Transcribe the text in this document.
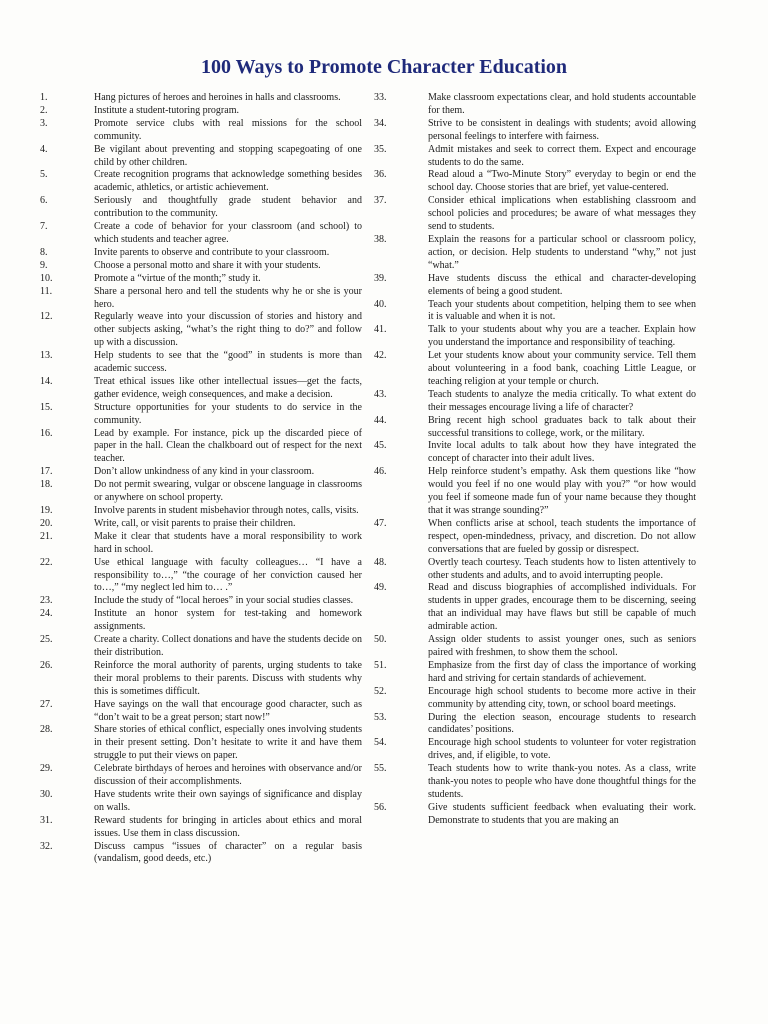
100 Ways to Promote Character Education
1.	Hang pictures of heroes and heroines in halls and classrooms.
2.	Institute a student-tutoring program.
3.	Promote service clubs with real missions for the school community.
4.	Be vigilant about preventing and stopping scapegoating of one child by other children.
5.	Create recognition programs that acknowledge something besides academic, athletics, or artistic achievement.
6.	Seriously and thoughtfully grade student behavior and contribution to the community.
7.	Create a code of behavior for your classroom (and school) to which students and teacher agree.
8.	Invite parents to observe and contribute to your classroom.
9.	Choose a personal motto and share it with your students.
10.	Promote a “virtue of the month;” study it.
11.	Share a personal hero and tell the students why he or she is your hero.
12.	Regularly weave into your discussion of stories and history and other subjects asking, “what’s the right thing to do?” and follow up with a discussion.
13.	Help students to see that the “good” in students is more than academic success.
14.	Treat ethical issues like other intellectual issues—get the facts, gather evidence, weigh consequences, and make a decision.
15.	Structure opportunities for your students to do service in the community.
16.	Lead by example. For instance, pick up the discarded piece of paper in the hall. Clean the chalkboard out of respect for the next teacher.
17.	Don’t allow unkindness of any kind in your classroom.
18.	Do not permit swearing, vulgar or obscene language in classrooms or anywhere on school property.
19.	Involve parents in student misbehavior through notes, calls, visits.
20.	Write, call, or visit parents to praise their children.
21.	Make it clear that students have a moral responsibility to work hard in school.
22.	Use ethical language with faculty colleagues… “I have a responsibility to…,” “the courage of her conviction caused her to…,” “my neglect led him to… .”
23.	Include the study of “local heroes” in your social studies classes.
24.	Institute an honor system for test-taking and homework assignments.
25.	Create a charity. Collect donations and have the students decide on their distribution.
26.	Reinforce the moral authority of parents, urging students to take their moral problems to their parents. Discuss with students why this is sometimes difficult.
27.	Have sayings on the wall that encourage good character, such as “don’t wait to be a great person; start now!”
28.	Share stories of ethical conflict, especially ones involving students in their present setting. Don’t hesitate to write it and have them struggle to put their views on paper.
29.	Celebrate birthdays of heroes and heroines with observance and/or discussion of their accomplishments.
30.	Have students write their own sayings of significance and display on walls.
31.	Reward students for bringing in articles about ethics and moral issues. Use them in class discussion.
32.	Discuss campus “issues of character” on a regular basis (vandalism, good deeds, etc.)
33.	Make classroom expectations clear, and hold students accountable for them.
34.	Strive to be consistent in dealings with students; avoid allowing personal feelings to interfere with fairness.
35.	Admit mistakes and seek to correct them. Expect and encourage students to do the same.
36.	Read aloud a “Two-Minute Story” everyday to begin or end the school day. Choose stories that are brief, yet value-centered.
37.	Consider ethical implications when establishing classroom and school policies and procedures; be aware of what messages they send to students.
38.	Explain the reasons for a particular school or classroom policy, action, or decision. Help students to understand “why,” not just “what.”
39.	Have students discuss the ethical and character-developing elements of being a good student.
40.	Teach your students about competition, helping them to see when it is valuable and when it is not.
41.	Talk to your students about why you are a teacher. Explain how you understand the importance and responsibility of teaching.
42.	Let your students know about your community service. Tell them about volunteering in a food bank, coaching Little League, or teaching religion at your temple or church.
43.	Teach students to analyze the media critically. To what extent do their messages encourage living a life of character?
44.	Bring recent high school graduates back to talk about their successful transitions to college, work, or the military.
45.	Invite local adults to talk about how they have integrated the concept of character into their adult lives.
46.	Help reinforce student’s empathy. Ask them questions like “how would you feel if no one would play with you?” “or how would you feel if someone made fun of your name because they thought that it was strange sounding?”
47.	When conflicts arise at school, teach students the importance of respect, open-mindedness, privacy, and discretion. Do not allow conversations that are fueled by gossip or disrespect.
48.	Overtly teach courtesy. Teach students how to listen attentively to other students and adults, and to avoid interrupting people.
49.	Read and discuss biographies of accomplished individuals. For students in upper grades, encourage them to be discerning, seeing that an individual may have flaws but still be capable of much admirable action.
50.	Assign older students to assist younger ones, such as seniors paired with freshmen, to show them the school.
51.	Emphasize from the first day of class the importance of working hard and striving for certain standards of achievement.
52.	Encourage high school students to become more active in their community by attending city, town, or school board meetings.
53.	During the election season, encourage students to research candidates’ positions.
54.	Encourage high school students to volunteer for voter registration drives, and, if eligible, to vote.
55.	Teach students how to write thank-you notes. As a class, write thank-you notes to people who have done thoughtful things for the students.
56.	Give students sufficient feedback when evaluating their work. Demonstrate to students that you are making an
